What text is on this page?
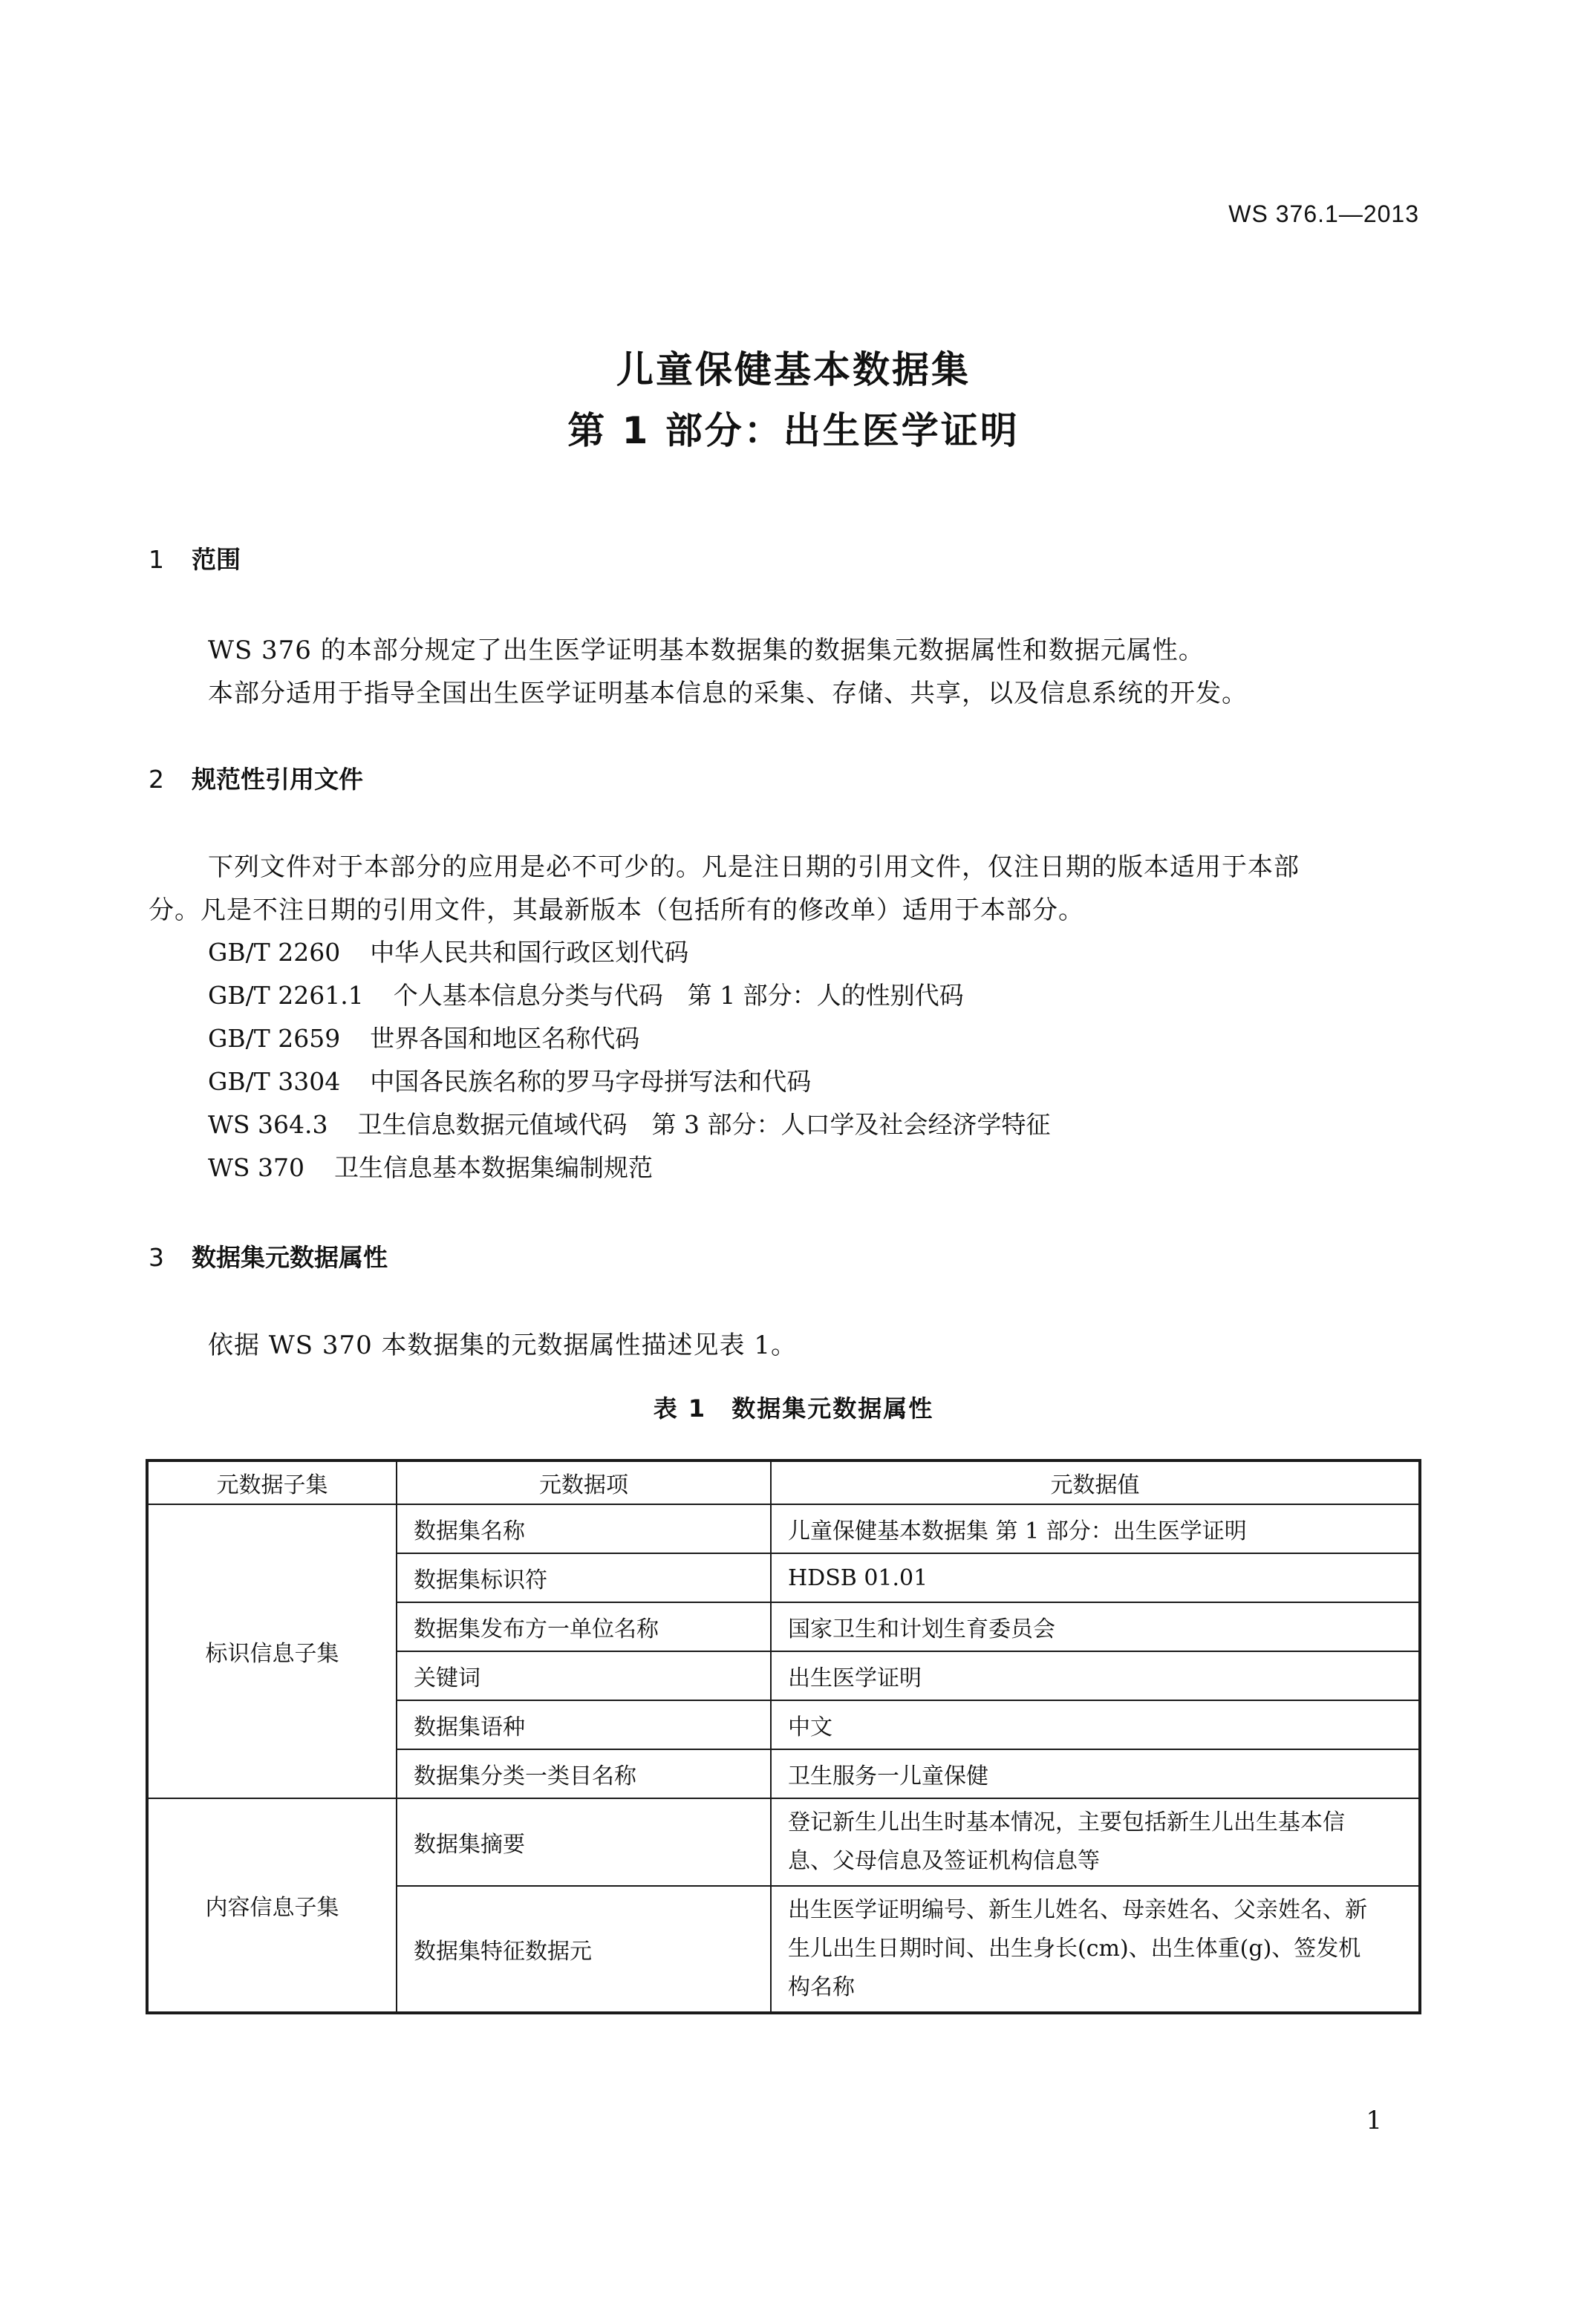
WS 376.1—2013
儿童保健基本数据集
第 1 部分：出生医学证明
1 范围
WS 376 的本部分规定了出生医学证明基本数据集的数据集元数据属性和数据元属性。
本部分适用于指导全国出生医学证明基本信息的采集、存储、共享，以及信息系统的开发。
2 规范性引用文件
下列文件对于本部分的应用是必不可少的。凡是注日期的引用文件，仅注日期的版本适用于本部
分。凡是不注日期的引用文件，其最新版本（包括所有的修改单）适用于本部分。
GB/T 2260 中华人民共和国行政区划代码
GB/T 2261.1 个人基本信息分类与代码　第 1 部分：人的性别代码
GB/T 2659 世界各国和地区名称代码
GB/T 3304 中国各民族名称的罗马字母拼写法和代码
WS 364.3 卫生信息数据元值域代码　第 3 部分：人口学及社会经济学特征
WS 370 卫生信息基本数据集编制规范
3 数据集元数据属性
依据 WS 370 本数据集的元数据属性描述见表 1。
表 1　数据集元数据属性
元数据子集	元数据项	元数据值
标识信息子集	数据集名称	儿童保健基本数据集 第 1 部分：出生医学证明
	数据集标识符	HDSB 01.01
	数据集发布方一单位名称	国家卫生和计划生育委员会
	关键词	出生医学证明
	数据集语种	中文
	数据集分类一类目名称	卫生服务一儿童保健
内容信息子集	数据集摘要	登记新生儿出生时基本情况，主要包括新生儿出生基本信
息、父母信息及签证机构信息等

	数据集特征数据元	出生医学证明编号、新生儿姓名、母亲姓名、父亲姓名、新
生儿出生日期时间、出生身长(cm)、出生体重(g)、签发机
构名称
1
